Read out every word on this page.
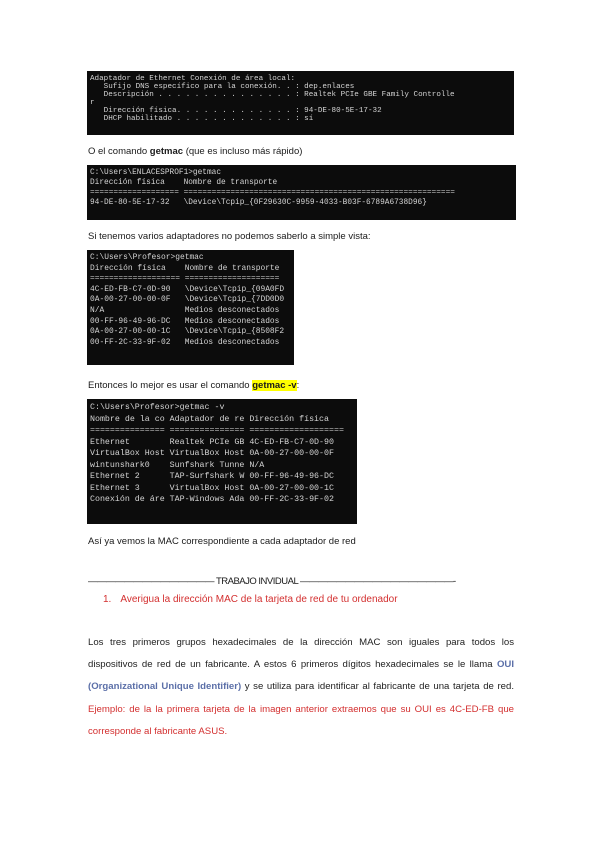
Adaptador de Ethernet Conexión de área local:
Sufijo DNS específico para la conexión. . : dep.enlaces
Descripción . . . . . . . . . . . . . . . : Realtek PCIe GBE Family Controlle
r
Dirección física. . . . . . . . . . . . . : 94-DE-80-5E-17-32
DHCP habilitado . . . . . . . . . . . . . : sí
O el comando getmac (que es incluso más rápido)
C:\Users\ENLACESPROF1>getmac
Dirección física    Nombre de transporte
=================== ==========================================================
94-DE-80-5E-17-32   \Device\Tcpip_{0F29630C-9959-4033-B03F-6789A6738D96}
Si tenemos varios adaptadores no podemos saberlo a simple vista:
C:\Users\Profesor>getmac
Dirección física    Nombre de transporte
=================== ====================
4C-ED-FB-C7-0D-90   \Device\Tcpip_{09A0FD
0A-00-27-00-00-0F   \Device\Tcpip_{7DD0D0
N/A                 Medios desconectados
00-FF-96-49-96-DC   Medios desconectados
0A-00-27-00-00-1C   \Device\Tcpip_{8508F2
00-FF-2C-33-9F-02   Medios desconectados
Entonces lo mejor es usar el comando getmac -v:
C:\Users\Profesor>getmac -v
Nombre de la co Adaptador de re Dirección física
=============== =============== ===================
Ethernet        Realtek PCIe GB 4C-ED-FB-C7-0D-90
VirtualBox Host VirtualBox Host 0A-00-27-00-00-0F
wintunshark0    Sunfshark Tunne N/A
Ethernet 2      TAP-Surfshark W 00-FF-96-49-96-DC
Ethernet 3      VirtualBox Host 0A-00-27-00-00-1C
Conexión de áre TAP-Windows Ada 00-FF-2C-33-9F-02
Así ya vemos la MAC correspondiente a cada adaptador de red
—————————————— TRABAJO INVIDUAL —————————————————-
1. Averigua la dirección MAC de la tarjeta de red de tu ordenador
Los tres primeros grupos hexadecimales de la dirección MAC son iguales para todos los dispositivos de red de un fabricante. A estos 6 primeros dígitos hexadecimales se le llama OUI (Organizational Unique Identifier) y se utiliza para identificar al fabricante de una tarjeta de red. Ejemplo: de la la primera tarjeta de la imagen anterior extraemos que su OUI es 4C-ED-FB que corresponde al fabricante ASUS.
